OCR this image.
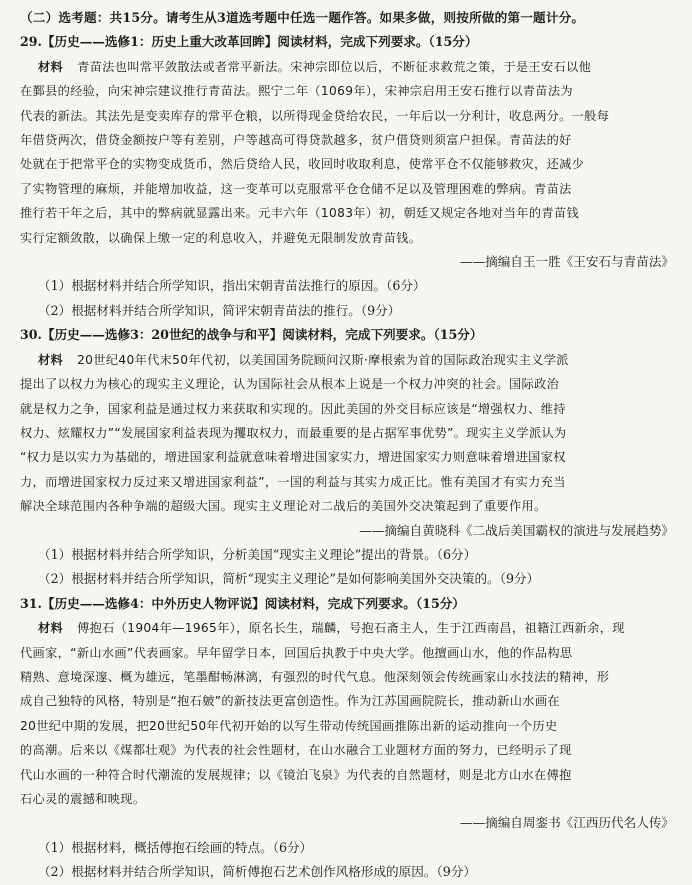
（二）选考题：共15分。请考生从3道选考题中任选一题作答。如果多做，则按所做的第一题计分。
29.【历史——选修1：历史上重大改革回眸】阅读材料，完成下列要求。（15分）
材料 青苗法也叫常平敛散法或者常平新法。宋神宗即位以后，不断征求救荒之策，于是王安石以他
在鄞县的经验，向宋神宗建议推行青苗法。熙宁二年（1069年），宋神宗启用王安石推行以青苗法为
代表的新法。其法先是变卖库存的常平仓粮，以所得现金贷给农民，一年后以一分利计，收息两分。一般每
年借贷两次，借贷金额按户等有差别，户等越高可得贷款越多，贫户借贷则须富户担保。青苗法的好
处就在于把常平仓的实物变成货币，然后贷给人民，收回时收取利息，使常平仓不仅能够救灾，还减少
了实物管理的麻烦，并能增加收益，这一变革可以克服常平仓仓储不足以及管理困难的弊病。青苗法
推行若干年之后，其中的弊病就显露出来。元丰六年（1083年）初，朝廷又规定各地对当年的青苗钱
实行定额敛散，以确保上缴一定的利息收入，并避免无限制发放青苗钱。
——摘编自王一胜《王安石与青苗法》
（1）根据材料并结合所学知识，指出宋朝青苗法推行的原因。（6分）
（2）根据材料并结合所学知识，简评宋朝青苗法的推行。（9分）
30.【历史——选修3：20世纪的战争与和平】阅读材料，完成下列要求。（15分）
材料 20世纪40年代末50年代初，以美国国务院顾问汉斯·摩根索为首的国际政治现实主义学派
提出了以权力为核心的现实主义理论，认为国际社会从根本上说是一个权力冲突的社会。国际政治
就是权力之争，国家利益是通过权力来获取和实现的。因此美国的外交目标应该是“增强权力、维持
权力、炫耀权力”“发展国家利益表现为攫取权力，而最重要的是占据军事优势”。现实主义学派认为
“权力是以实力为基础的，增进国家利益就意味着增进国家实力，增进国家实力则意味着增进国家权
力，而增进国家权力反过来又增进国家利益”，一国的利益与其实力成正比。惟有美国才有实力充当
解决全球范围内各种争端的超级大国。现实主义理论对二战后的美国外交决策起到了重要作用。
——摘编自黄晓科《二战后美国霸权的演进与发展趋势》
（1）根据材料并结合所学知识，分析美国“现实主义理论”提出的背景。（6分）
（2）根据材料并结合所学知识，简析“现实主义理论”是如何影响美国外交决策的。（9分）
31.【历史——选修4：中外历史人物评说】阅读材料，完成下列要求。（15分）
材料 傅抱石（1904年—1965年），原名长生，瑞麟，号抱石斋主人，生于江西南昌，祖籍江西新余，现
代画家，“新山水画”代表画家。早年留学日本，回国后执教于中央大学。他擅画山水，他的作品构思
精熟、意境深邃、概为雄远，笔墨酣畅淋漓，有强烈的时代气息。他深刻领会传统画家山水技法的精神，形
成自己独特的风格，特别是“抱石皴”的新技法更富创造性。作为江苏国画院院长，推动新山水画在
20世纪中期的发展，把20世纪50年代初开始的以写生带动传统国画推陈出新的运动推向一个历史
的高潮。后来以《煤都壮观》为代表的社会性题材，在山水融合工业题材方面的努力，已经明示了现
代山水画的一种符合时代潮流的发展规律；以《镜泊飞泉》为代表的自然题材，则是北方山水在傅抱
石心灵的震撼和映现。
——摘编自周銮书《江西历代名人传》
（1）根据材料，概括傅抱石绘画的特点。（6分）
（2）根据材料并结合所学知识，简析傅抱石艺术创作风格形成的原因。（9分）
